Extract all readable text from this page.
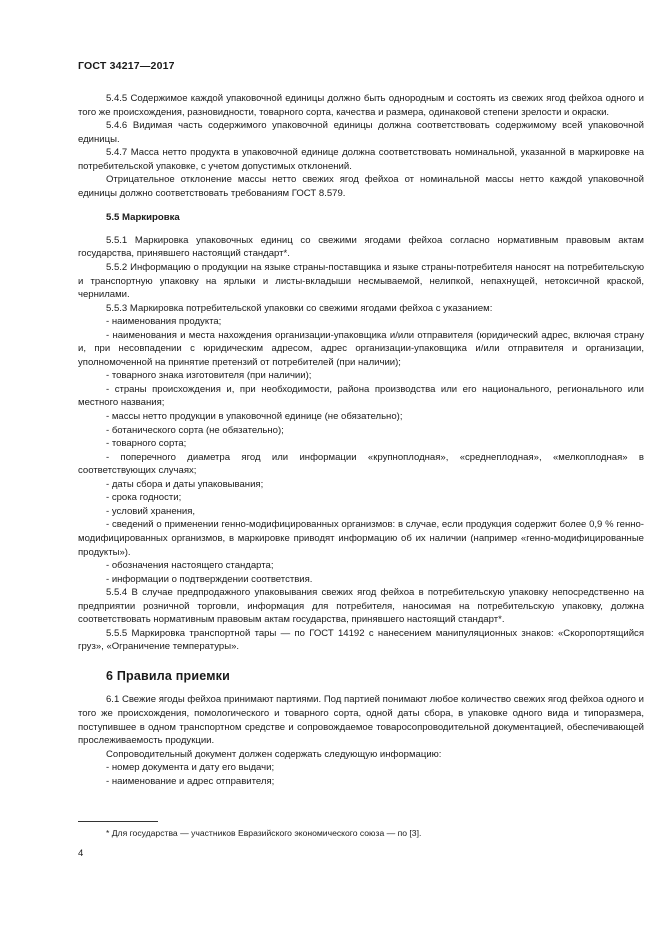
ГОСТ 34217—2017

5.4.5 Содержимое каждой упаковочной единицы должно быть однородным и состоять из свежих ягод фейхоа одного и того же происхождения, разновидности, товарного сорта, качества и размера, одинаковой степени зрелости и окраски.

5.4.6 Видимая часть содержимого упаковочной единицы должна соответствовать содержимому всей упаковочной единицы.

5.4.7 Масса нетто продукта в упаковочной единице должна соответствовать номинальной, указанной в маркировке на потребительской упаковке, с учетом допустимых отклонений.

Отрицательное отклонение массы нетто свежих ягод фейхоа от номинальной массы нетто каждой упаковочной единицы должно соответствовать требованиям ГОСТ 8.579.

5.5 Маркировка

5.5.1 Маркировка упаковочных единиц со свежими ягодами фейхоа согласно нормативным правовым актам государства, принявшего настоящий стандарт*.

5.5.2 Информацию о продукции на языке страны-поставщика и языке страны-потребителя наносят на потребительскую и транспортную упаковку на ярлыки и листы-вкладыши несмываемой, нелипкой, непахнущей, нетоксичной краской, чернилами.

5.5.3 Маркировка потребительской упаковки со свежими ягодами фейхоа с указанием:

- наименования продукта;

- наименования и места нахождения организации-упаковщика и/или отправителя (юридический адрес, включая страну и, при несовпадении с юридическим адресом, адрес организации-упаковщика и/или отправителя и организации, уполномоченной на принятие претензий от потребителей (при наличии);

- товарного знака изготовителя (при наличии);

- страны происхождения и, при необходимости, района производства или его национального, регионального или местного названия;

- массы нетто продукции в упаковочной единице (не обязательно);

- ботанического сорта (не обязательно);

- товарного сорта;

- поперечного диаметра ягод или информации «крупноплодная», «среднеплодная», «мелкоплодная» в соответствующих случаях;

- даты сбора и даты упаковывания;

- срока годности;

- условий хранения,

- сведений о применении генно-модифицированных организмов: в случае, если продукция содержит более 0,9 % генно-модифицированных организмов, в маркировке приводят информацию об их наличии (например «генно-модифицированные продукты»).

- обозначения настоящего стандарта;

- информации о подтверждении соответствия.

5.5.4 В случае предпродажного упаковывания свежих ягод фейхоа в потребительскую упаковку непосредственно на предприятии розничной торговли, информация для потребителя, наносимая на потребительскую упаковку, должна соответствовать нормативным правовым актам государства, принявшего настоящий стандарт*.

5.5.5 Маркировка транспортной тары — по ГОСТ 14192 с нанесением манипуляционных знаков: «Скоропортящийся груз», «Ограничение температуры».

6 Правила приемки

6.1 Свежие ягоды фейхоа принимают партиями. Под партией понимают любое количество свежих ягод фейхоа одного и того же происхождения, помологического и товарного сорта, одной даты сбора, в упаковке одного вида и типоразмера, поступившее в одном транспортном средстве и сопровождаемое товаросопроводительной документацией, обеспечивающей прослеживаемость продукции.

Сопроводительный документ должен содержать следующую информацию:

- номер документа и дату его выдачи;

- наименование и адрес отправителя;

* Для государства — участников Евразийского экономического союза — по [3].
4
